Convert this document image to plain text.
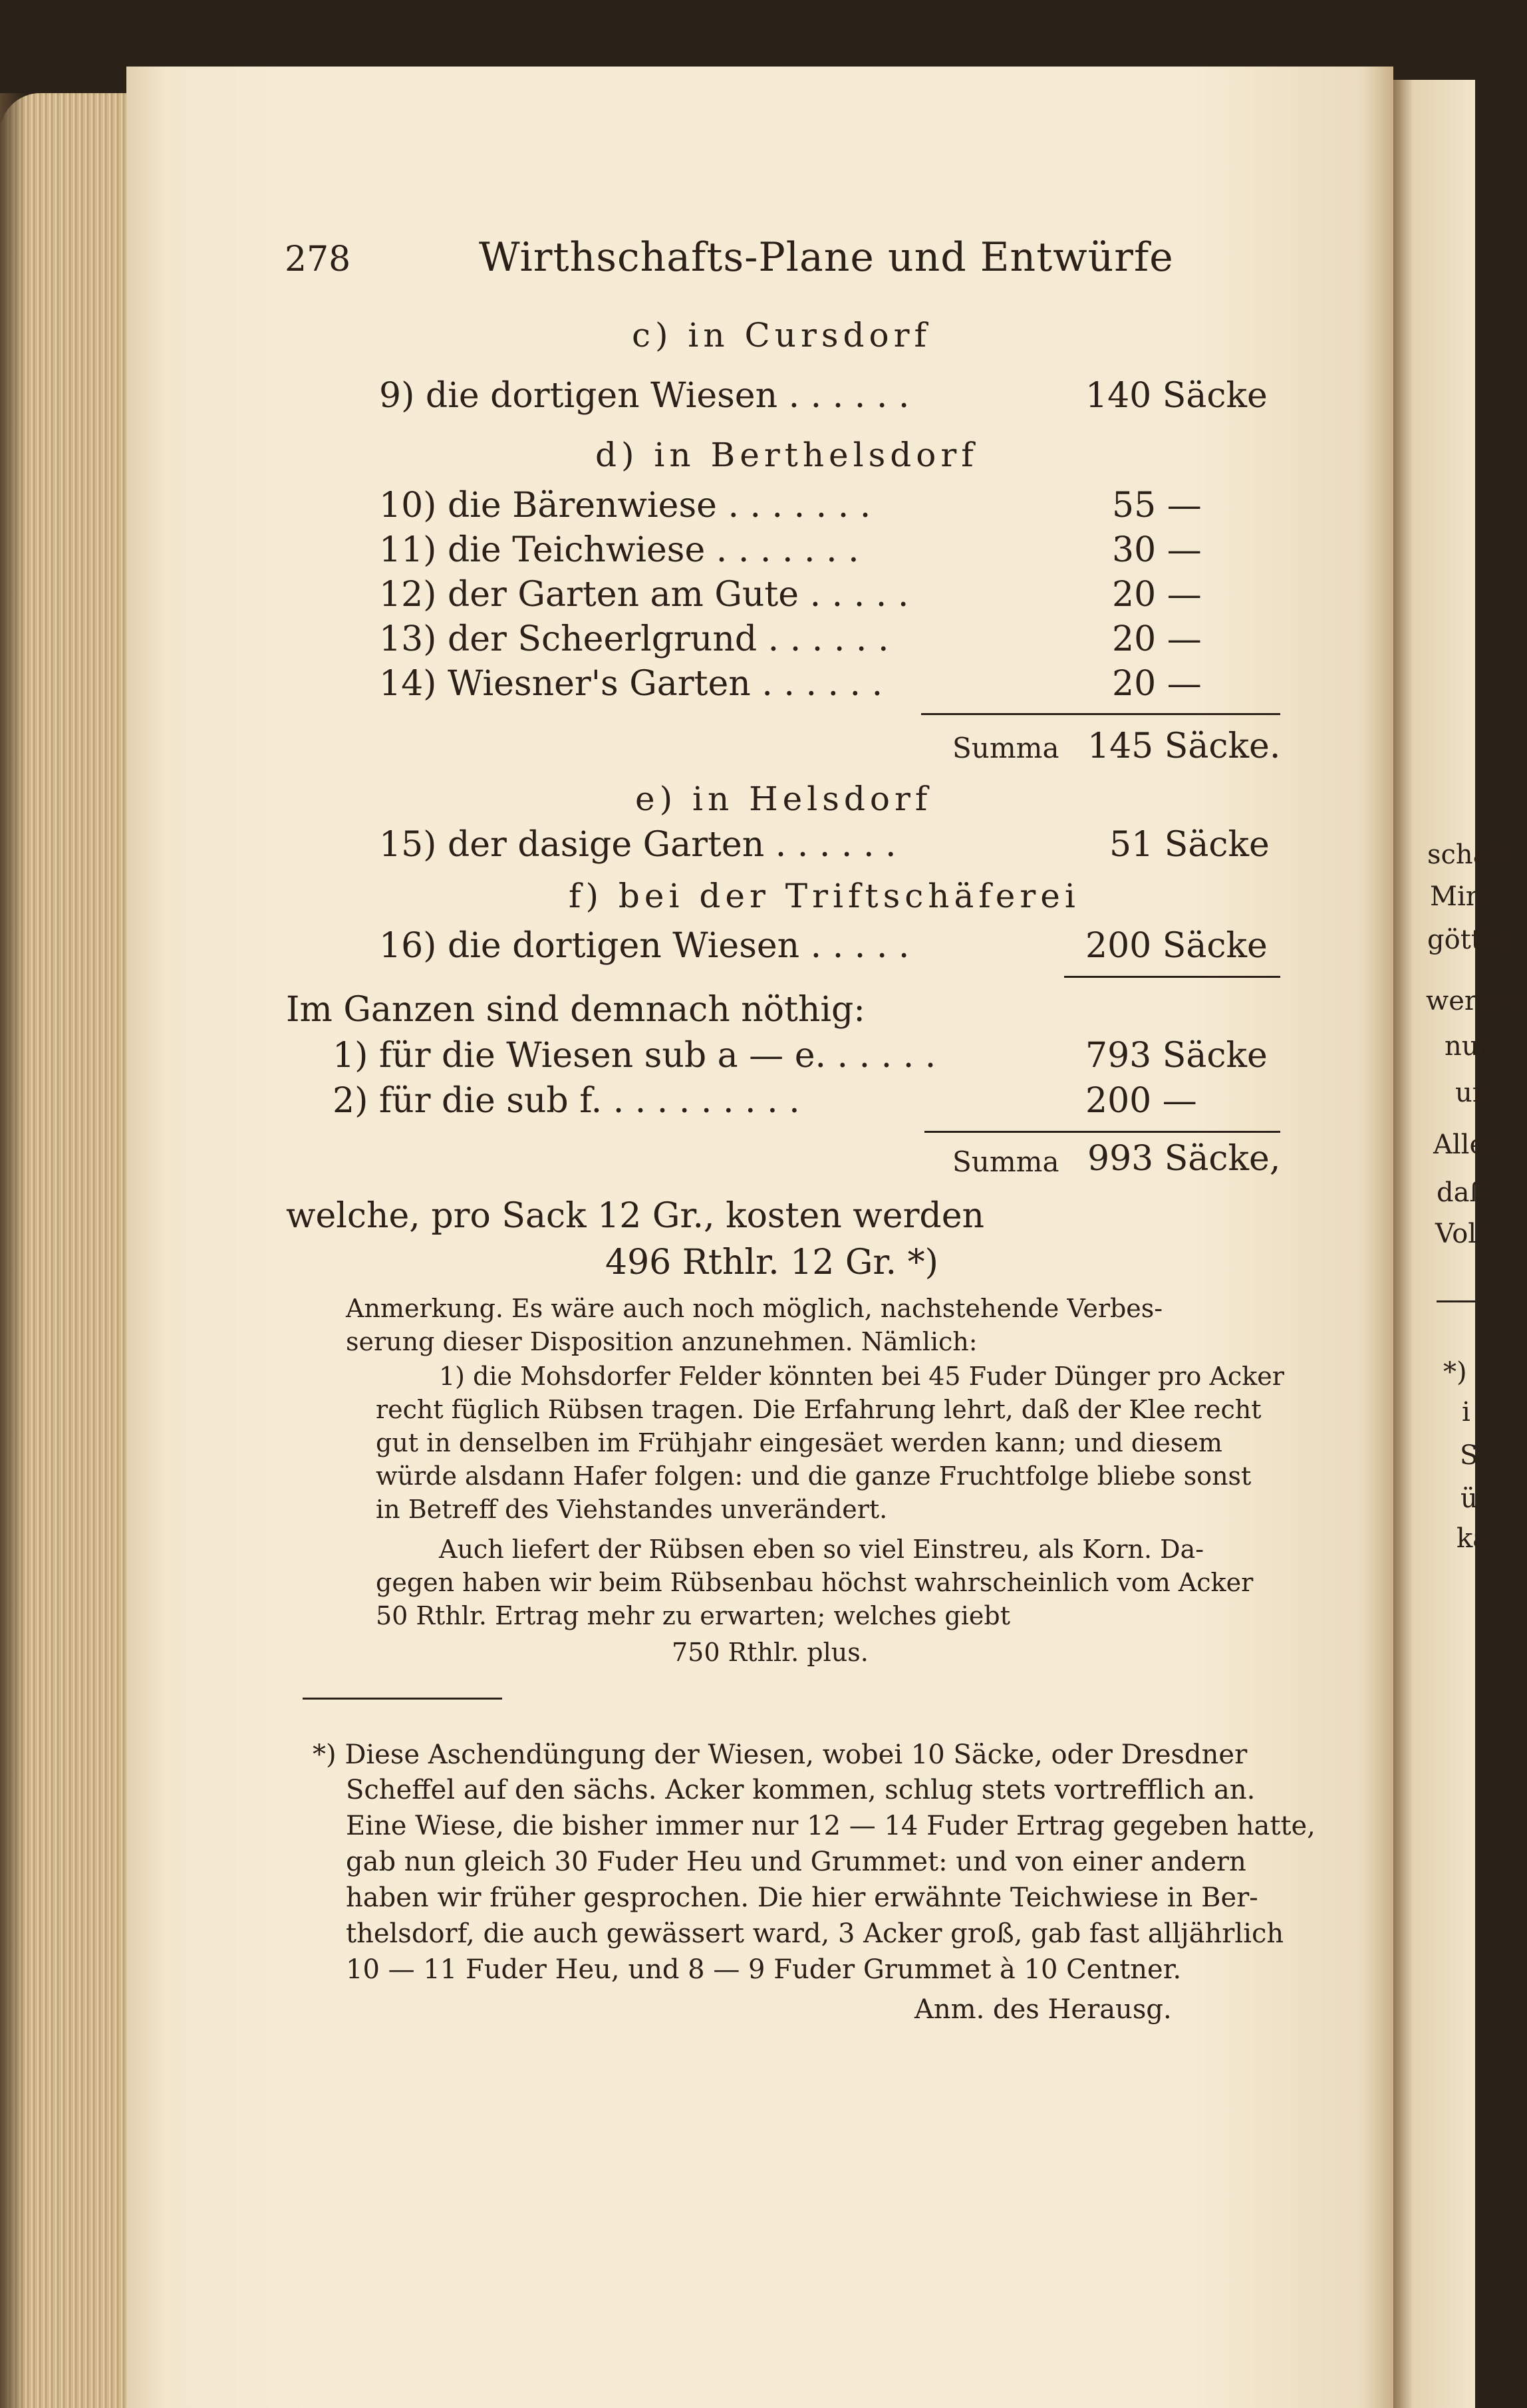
278	Wirthschafts-Plane und Entwürfe
c) in Cursdorf
9) die dortigen Wiesen . . . . . .	140 Säcke
d) in Berthelsdorf
10) die Bärenwiese . . . . . . .	55 —
11) die Teichwiese . . . . . . .	30 —
12) der Garten am Gute . . . . .	20 —
13) der Scheerlgrund . . . . . .	20 —
14) Wiesner's Garten . . . . . .	20 —
Summa 145 Säcke.
e) in Helsdorf
15) der dasige Garten . . . . . .	51 Säcke
f) bei der Triftschäferei
16) die dortigen Wiesen . . . . .	200 Säcke
Im Ganzen sind demnach nöthig:
1) für die Wiesen sub a — e. . . . . .	793 Säcke
2) für die sub f. . . . . . . . . .	200 —
Summa 993 Säcke,
welche, pro Sack 12 Gr., kosten werden
496 Rthlr. 12 Gr. *)
Anmerkung. Es wäre auch noch möglich, nachstehende Verbes-
serung dieser Disposition anzunehmen. Nämlich:
1) die Mohsdorfer Felder könnten bei 45 Fuder Dünger pro Acker
recht füglich Rübsen tragen. Die Erfahrung lehrt, daß der Klee recht
gut in denselben im Frühjahr eingesäet werden kann; und diesem
würde alsdann Hafer folgen: und die ganze Fruchtfolge bliebe sonst
in Betreff des Viehstandes unverändert.
Auch liefert der Rübsen eben so viel Einstreu, als Korn. Da-
gegen haben wir beim Rübsenbau höchst wahrscheinlich vom Acker
50 Rthlr. Ertrag mehr zu erwarten; welches giebt
750 Rthlr. plus.
*) Diese Aschendüngung der Wiesen, wobei 10 Säcke, oder Dresdner
Scheffel auf den sächs. Acker kommen, schlug stets vortrefflich an.
Eine Wiese, die bisher immer nur 12 — 14 Fuder Ertrag gegeben hatte,
gab nun gleich 30 Fuder Heu und Grummet: und von einer andern
haben wir früher gesprochen. Die hier erwähnte Teichwiese in Ber-
thelsdorf, die auch gewässert ward, 3 Acker groß, gab fast alljährlich
10 — 11 Fuder Heu, und 8 — 9 Fuder Grummet à 10 Centner.
Anm. des Herausg.
schaft
Mint
göttlic
werden
nur
un
Alles
daß
Voll
*)
i
S
ü
ka
